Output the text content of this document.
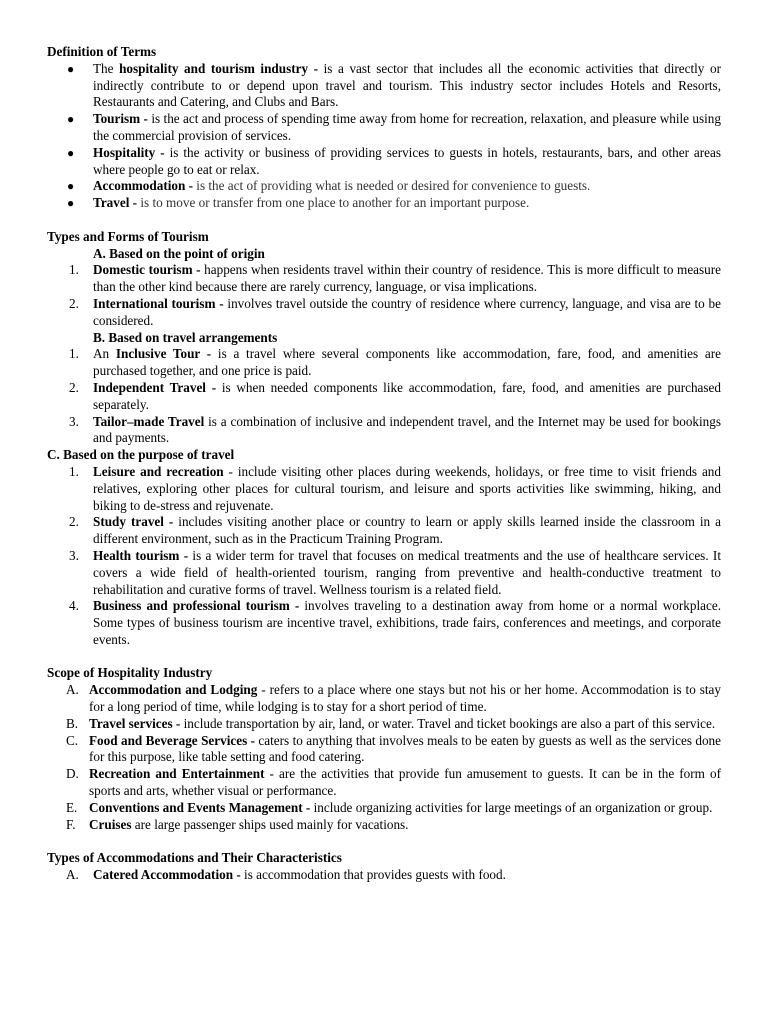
Definition of Terms
● The hospitality and tourism industry - is a vast sector that includes all the economic activities that directly or indirectly contribute to or depend upon travel and tourism. This industry sector includes Hotels and Resorts, Restaurants and Catering, and Clubs and Bars.
● Tourism - is the act and process of spending time away from home for recreation, relaxation, and pleasure while using the commercial provision of services.
● Hospitality - is the activity or business of providing services to guests in hotels, restaurants, bars, and other areas where people go to eat or relax.
● Accommodation - is the act of providing what is needed or desired for convenience to guests.
● Travel - is to move or transfer from one place to another for an important purpose.
Types and Forms of Tourism
A. Based on the point of origin
1. Domestic tourism - happens when residents travel within their country of residence. This is more difficult to measure than the other kind because there are rarely currency, language, or visa implications.
2. International tourism - involves travel outside the country of residence where currency, language, and visa are to be considered.
B. Based on travel arrangements
1. An Inclusive Tour - is a travel where several components like accommodation, fare, food, and amenities are purchased together, and one price is paid.
2. Independent Travel - is when needed components like accommodation, fare, food, and amenities are purchased separately.
3. Tailor–made Travel is a combination of inclusive and independent travel, and the Internet may be used for bookings and payments.
C. Based on the purpose of travel
1. Leisure and recreation - include visiting other places during weekends, holidays, or free time to visit friends and relatives, exploring other places for cultural tourism, and leisure and sports activities like swimming, hiking, and biking to de-stress and rejuvenate.
2. Study travel - includes visiting another place or country to learn or apply skills learned inside the classroom in a different environment, such as in the Practicum Training Program.
3. Health tourism - is a wider term for travel that focuses on medical treatments and the use of healthcare services. It covers a wide field of health-oriented tourism, ranging from preventive and health-conductive treatment to rehabilitation and curative forms of travel. Wellness tourism is a related field.
4. Business and professional tourism - involves traveling to a destination away from home or a normal workplace. Some types of business tourism are incentive travel, exhibitions, trade fairs, conferences and meetings, and corporate events.
Scope of Hospitality Industry
A. Accommodation and Lodging - refers to a place where one stays but not his or her home. Accommodation is to stay for a long period of time, while lodging is to stay for a short period of time.
B. Travel services - include transportation by air, land, or water. Travel and ticket bookings are also a part of this service.
C. Food and Beverage Services - caters to anything that involves meals to be eaten by guests as well as the services done for this purpose, like table setting and food catering.
D. Recreation and Entertainment - are the activities that provide fun amusement to guests. It can be in the form of sports and arts, whether visual or performance.
E. Conventions and Events Management - include organizing activities for large meetings of an organization or group.
F. Cruises are large passenger ships used mainly for vacations.
Types of Accommodations and Their Characteristics
A. Catered Accommodation - is accommodation that provides guests with food.
